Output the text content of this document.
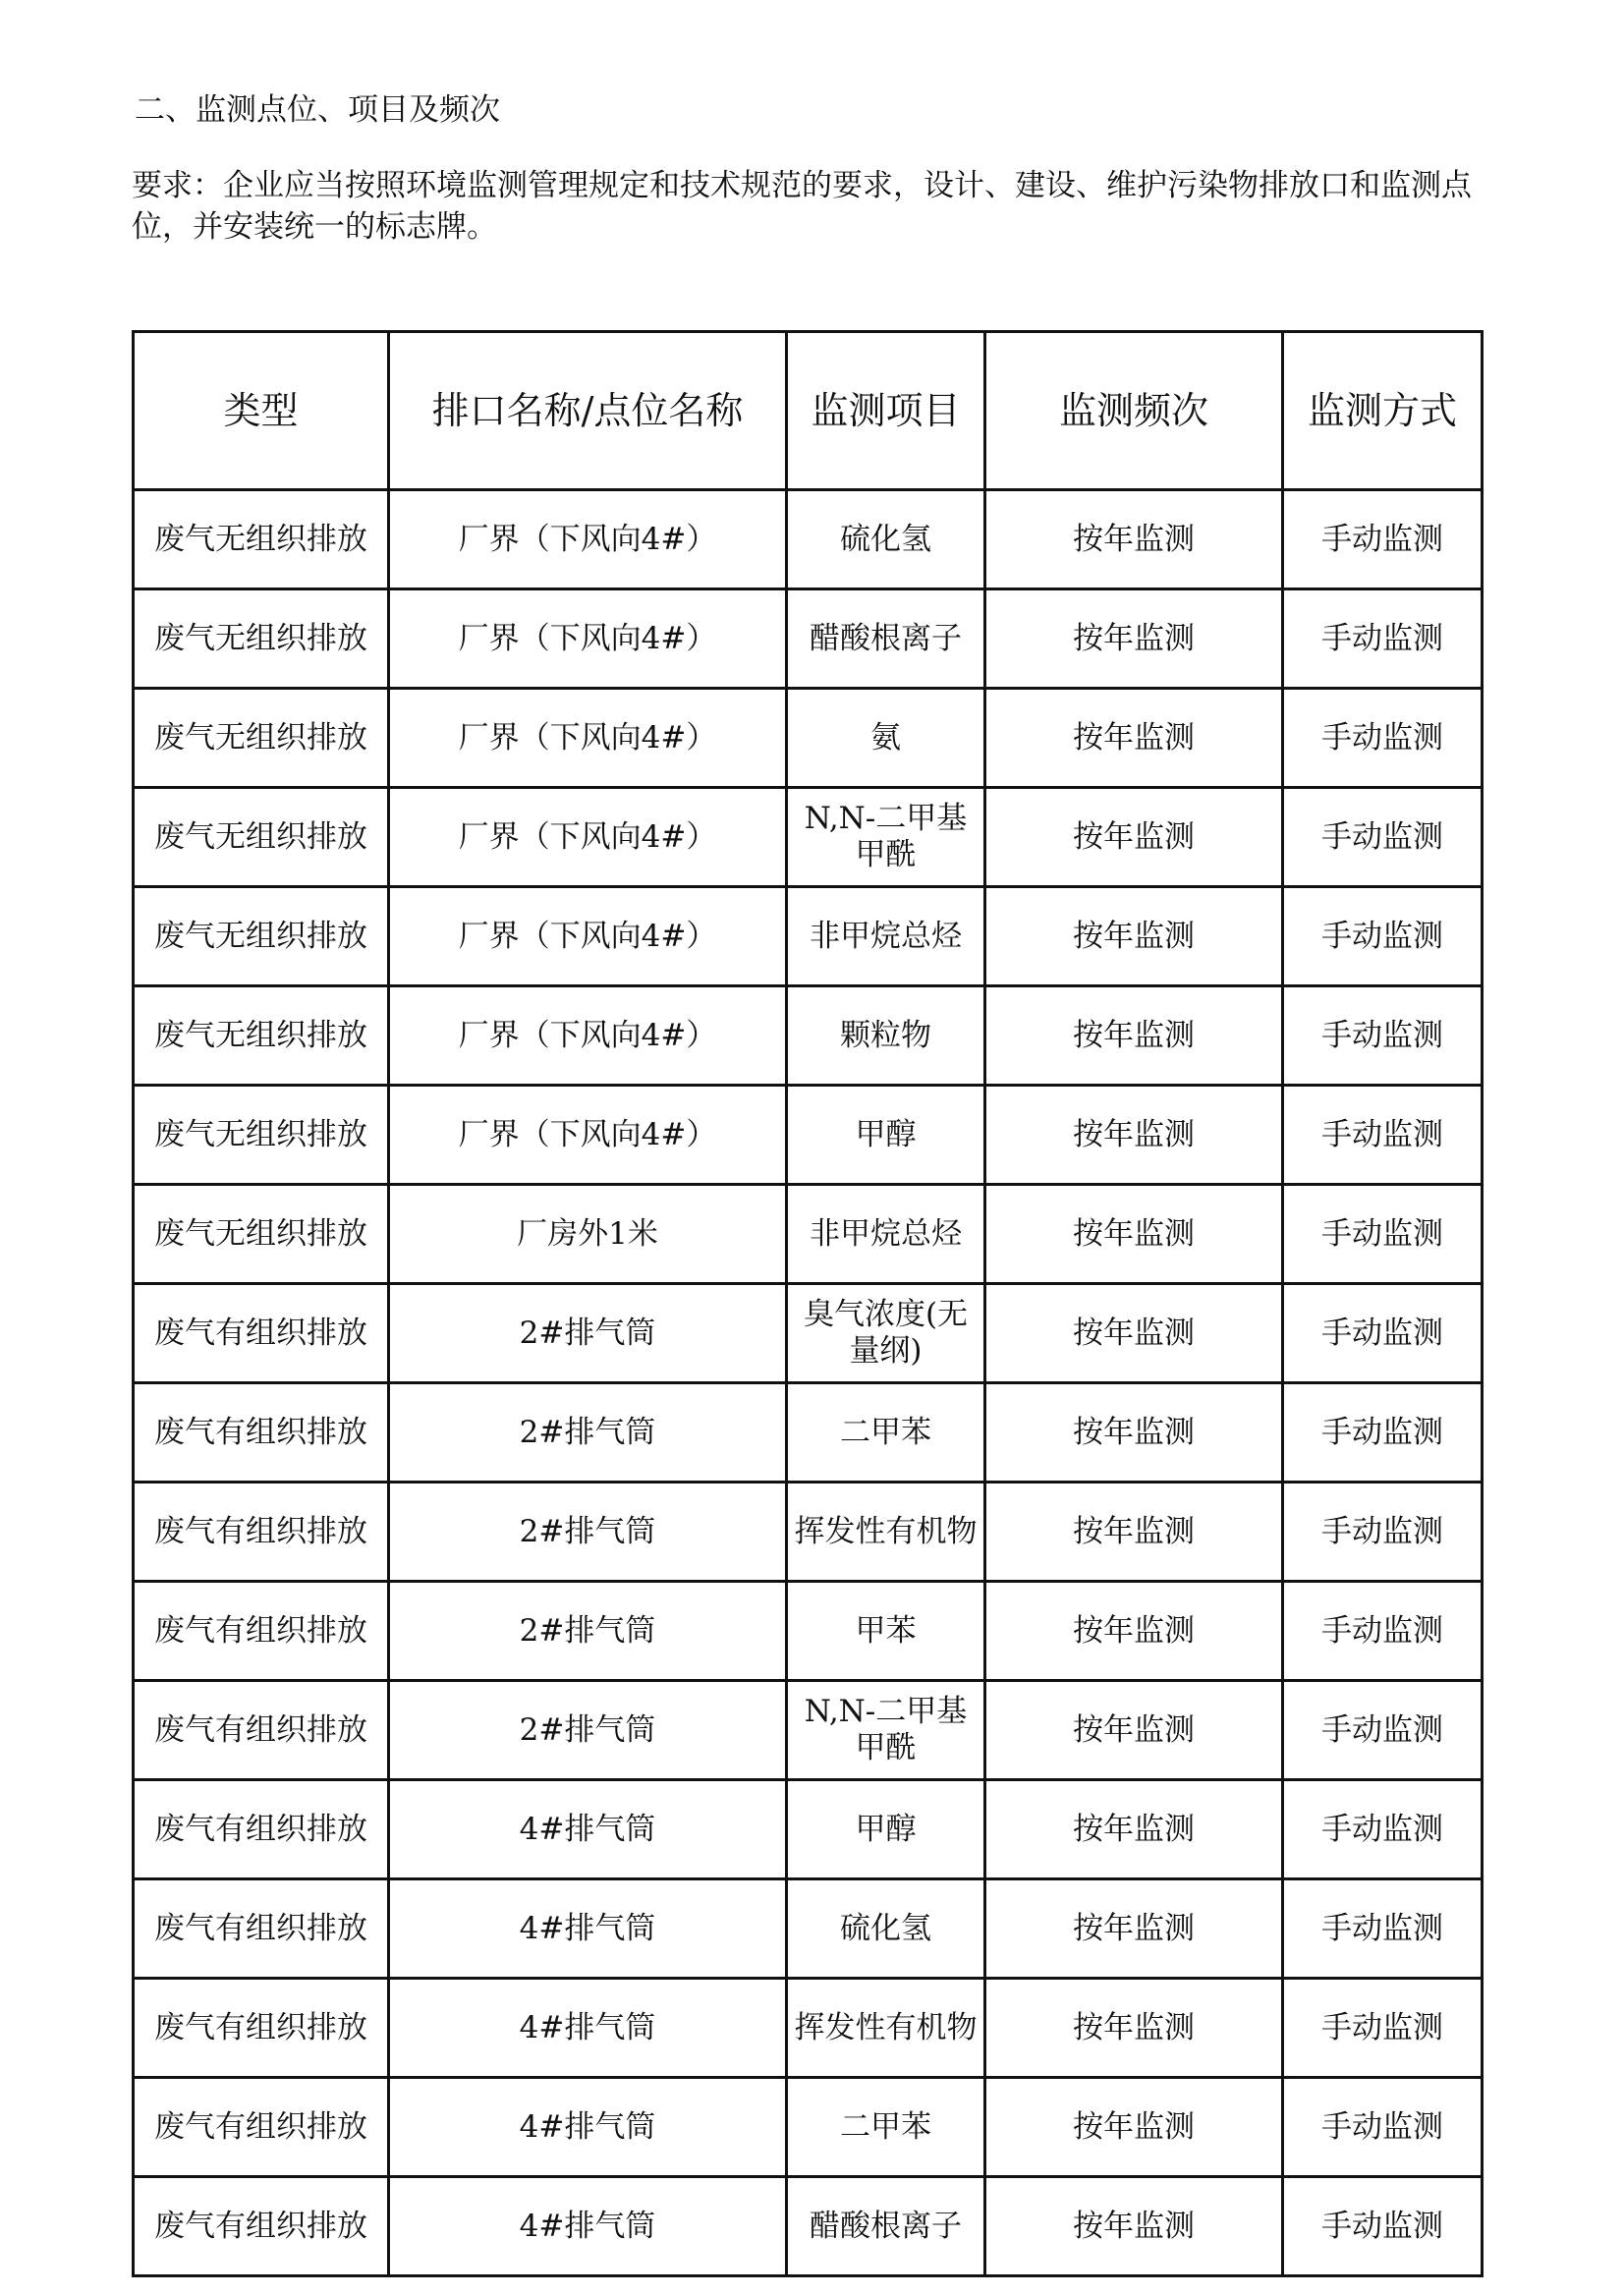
二、监测点位、项目及频次
要求：企业应当按照环境监测管理规定和技术规范的要求，设计、建设、维护污染物排放口和监测点位，并安装统一的标志牌。
类型	排口名称/点位名称	监测项目	监测频次	监测方式
废气无组织排放	厂界（下风向4#）	硫化氢	按年监测	手动监测
废气无组织排放	厂界（下风向4#）	醋酸根离子	按年监测	手动监测
废气无组织排放	厂界（下风向4#）	氨	按年监测	手动监测
废气无组织排放	厂界（下风向4#）	N,N-二甲基甲酰	按年监测	手动监测
废气无组织排放	厂界（下风向4#）	非甲烷总烃	按年监测	手动监测
废气无组织排放	厂界（下风向4#）	颗粒物	按年监测	手动监测
废气无组织排放	厂界（下风向4#）	甲醇	按年监测	手动监测
废气无组织排放	厂房外1米	非甲烷总烃	按年监测	手动监测
废气有组织排放	2#排气筒	臭气浓度(无量纲)	按年监测	手动监测
废气有组织排放	2#排气筒	二甲苯	按年监测	手动监测
废气有组织排放	2#排气筒	挥发性有机物	按年监测	手动监测
废气有组织排放	2#排气筒	甲苯	按年监测	手动监测
废气有组织排放	2#排气筒	N,N-二甲基甲酰	按年监测	手动监测
废气有组织排放	4#排气筒	甲醇	按年监测	手动监测
废气有组织排放	4#排气筒	硫化氢	按年监测	手动监测
废气有组织排放	4#排气筒	挥发性有机物	按年监测	手动监测
废气有组织排放	4#排气筒	二甲苯	按年监测	手动监测
废气有组织排放	4#排气筒	醋酸根离子	按年监测	手动监测
